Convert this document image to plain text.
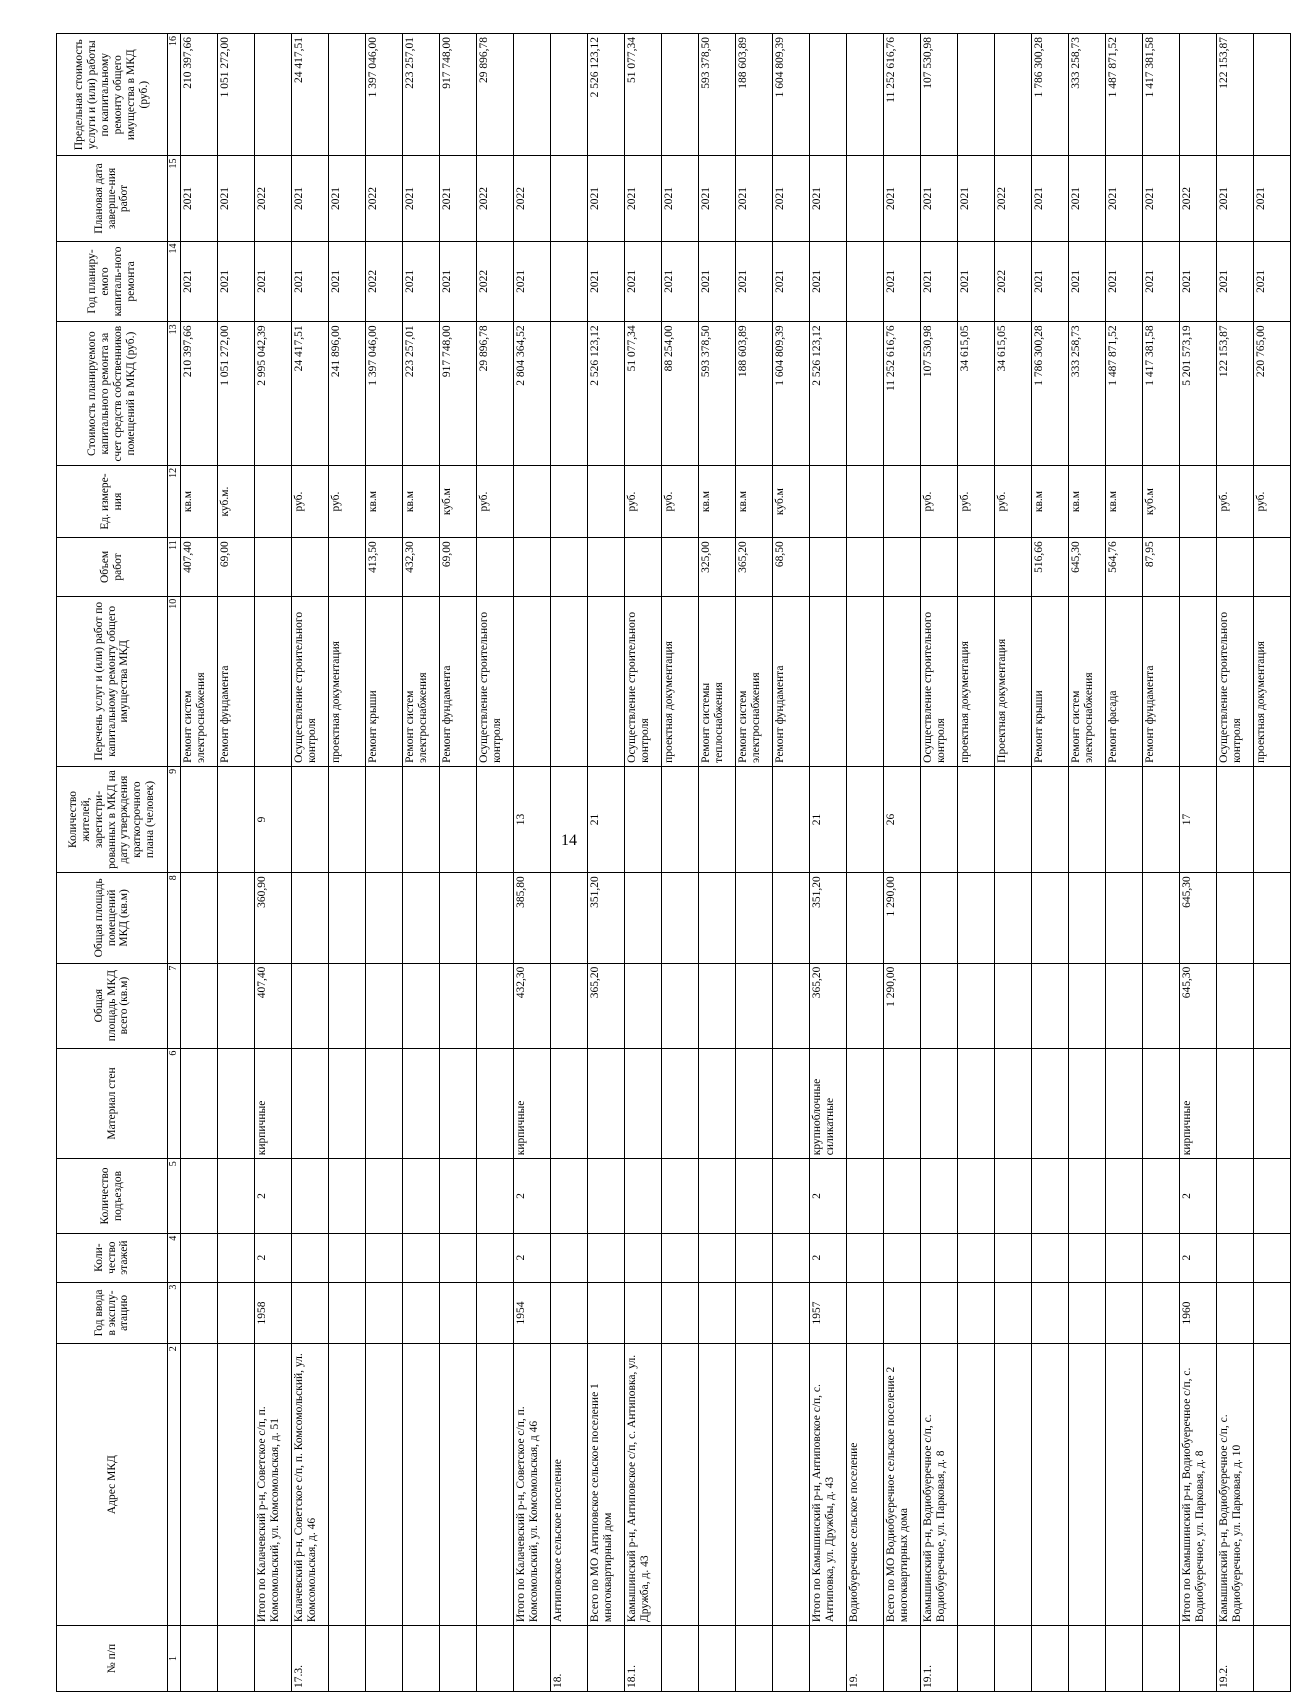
14
№ п/п	Адрес МКД	Год ввода в эксплу-атацию	Коли-чество этажей	Количество подъездов	Материал стен	Общая площадь МКД всего (кв.м)	Общая площадь помещений МКД (кв.м)	Количество жителей, зарегистри-рованных в МКД на дату утверждения краткосрочного плана (человек)	Перечень услуг и (или) работ по капитальному ремонту общего имущества МКД	Объем работ	Ед. измере-ния	Стоимость планируемого капитального ремонта за счет средств собственников помещений в МКД (руб.)	Год планиру-емого капиталь-ного ремонта	Плановая дата заверше-ния работ	Предельная стоимость услуги и (или) работы по капитальному ремонту общего имущества в МКД (руб.)
1	2	3	4	5	6	7	8	9	10	11	12	13	14	15	16
									Ремонт систем электроснабжения	407,40	кв.м	210 397,66	2021	2021	210 397,66
									Ремонт фундамента	69,00	куб.м.	1 051 272,00	2021	2021	1 051 272,00
	Итого по Калачевский р-н, Советское с/п, п. Комсомольский, ул. Комсомольская, д. 51	1958	2	2	кирпичные	407,40	360,90	9				2 995 042,39	2021	2022	
17.3.	Калачевский р-н, Советское с/п, п. Комсомольский, ул. Комсомольская, д. 46								Осуществление строительного контроля		руб.	24 417,51	2021	2021	24 417,51
									проектная документация		руб.	241 896,00	2021	2021	
									Ремонт крыши	413,50	кв.м	1 397 046,00	2022	2022	1 397 046,00
									Ремонт систем электроснабжения	432,30	кв.м	223 257,01	2021	2021	223 257,01
									Ремонт фундамента	69,00	куб.м	917 748,00	2021	2021	917 748,00
									Осуществление строительного контроля		руб.	29 896,78	2022	2022	29 896,78
	Итого по Калачевский р-н, Советское с/п, п. Комсомольский, ул. Комсомольская, д 46	1954	2	2	кирпичные	432,30	385,80	13				2 804 364,52	2021	2022	
18.	Антиповское сельское поселение														
	Всего по МО Антиповское сельское поселение 1 многоквартирный дом					365,20	351,20	21				2 526 123,12	2021	2021	2 526 123,12
18.1.	Камышинский р-н, Антиповское с/п, с. Антиповка, ул. Дружба, д. 43								Осуществление строительного контроля		руб.	51 077,34	2021	2021	51 077,34
									проектная документация		руб.	88 254,00	2021	2021	
									Ремонт системы теплоснабжения	325,00	кв.м	593 378,50	2021	2021	593 378,50
									Ремонт систем электроснабжения	365,20	кв.м	188 603,89	2021	2021	188 603,89
									Ремонт фундамента	68,50	куб.м	1 604 809,39	2021	2021	1 604 809,39
	Итого по Камышинский р-н, Антиповское с/п, с. Антиповка, ул. Дружбы, д. 43	1957	2	2	крупноблочные силикатные	365,20	351,20	21				2 526 123,12	2021	2021	
19.	Водиобуеречное сельское поселение														
	Всего по МО Водиобуеречное сельское поселение 2 многоквартирных дома					1 290,00	1 290,00	26				11 252 616,76	2021	2021	11 252 616,76
19.1.	Камышинский р-н, Водиобуеречное с/п, с. Водиобуеречное, ул. Парковая, д. 8								Осуществление строительного контроля		руб.	107 530,98	2021	2021	107 530,98
									проектная документация		руб.	34 615,05	2021	2021	
									Проектная документация		руб.	34 615,05	2022	2022	
									Ремонт крыши	516,66	кв.м	1 786 300,28	2021	2021	1 786 300,28
									Ремонт систем электроснабжения	645,30	кв.м	333 258,73	2021	2021	333 258,73
									Ремонт фасада	564,76	кв.м	1 487 871,52	2021	2021	1 487 871,52
									Ремонт фундамента	87,95	куб.м	1 417 381,58	2021	2021	1 417 381,58
	Итого по Камышинский р-н, Водиобуеречное с/п, с. Водиобуеречное, ул. Парковая, д. 8	1960	2	2	кирпичные	645,30	645,30	17				5 201 573,19	2021	2022	
19.2.	Камышинский р-н, Водиобуеречное с/п, с. Водиобуеречное, ул. Парковая, д. 10								Осуществление строительного контроля		руб.	122 153,87	2021	2021	122 153,87
									проектная документация		руб.	220 765,00	2021	2021	
